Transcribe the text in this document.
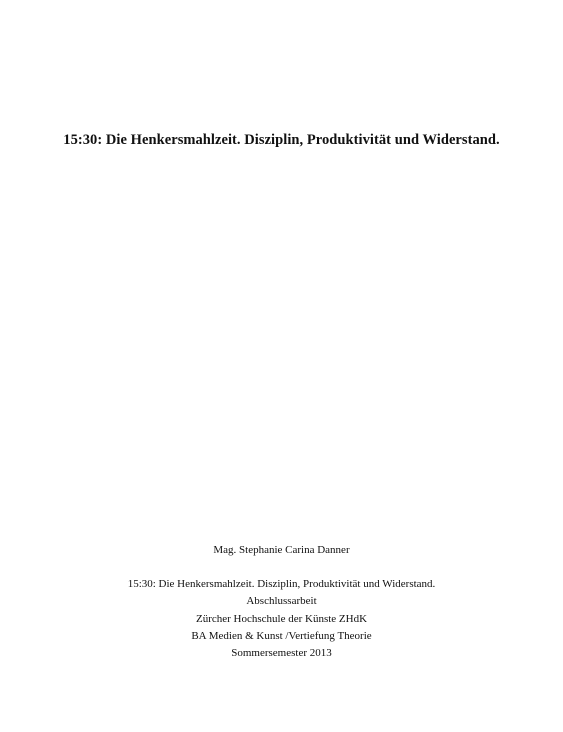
15:30: Die Henkersmahlzeit. Disziplin, Produktivität und Widerstand.
Mag. Stephanie Carina Danner
15:30: Die Henkersmahlzeit. Disziplin, Produktivität und Widerstand.
Abschlussarbeit
Zürcher Hochschule der Künste ZHdK
BA Medien & Kunst /Vertiefung Theorie
Sommersemester 2013
